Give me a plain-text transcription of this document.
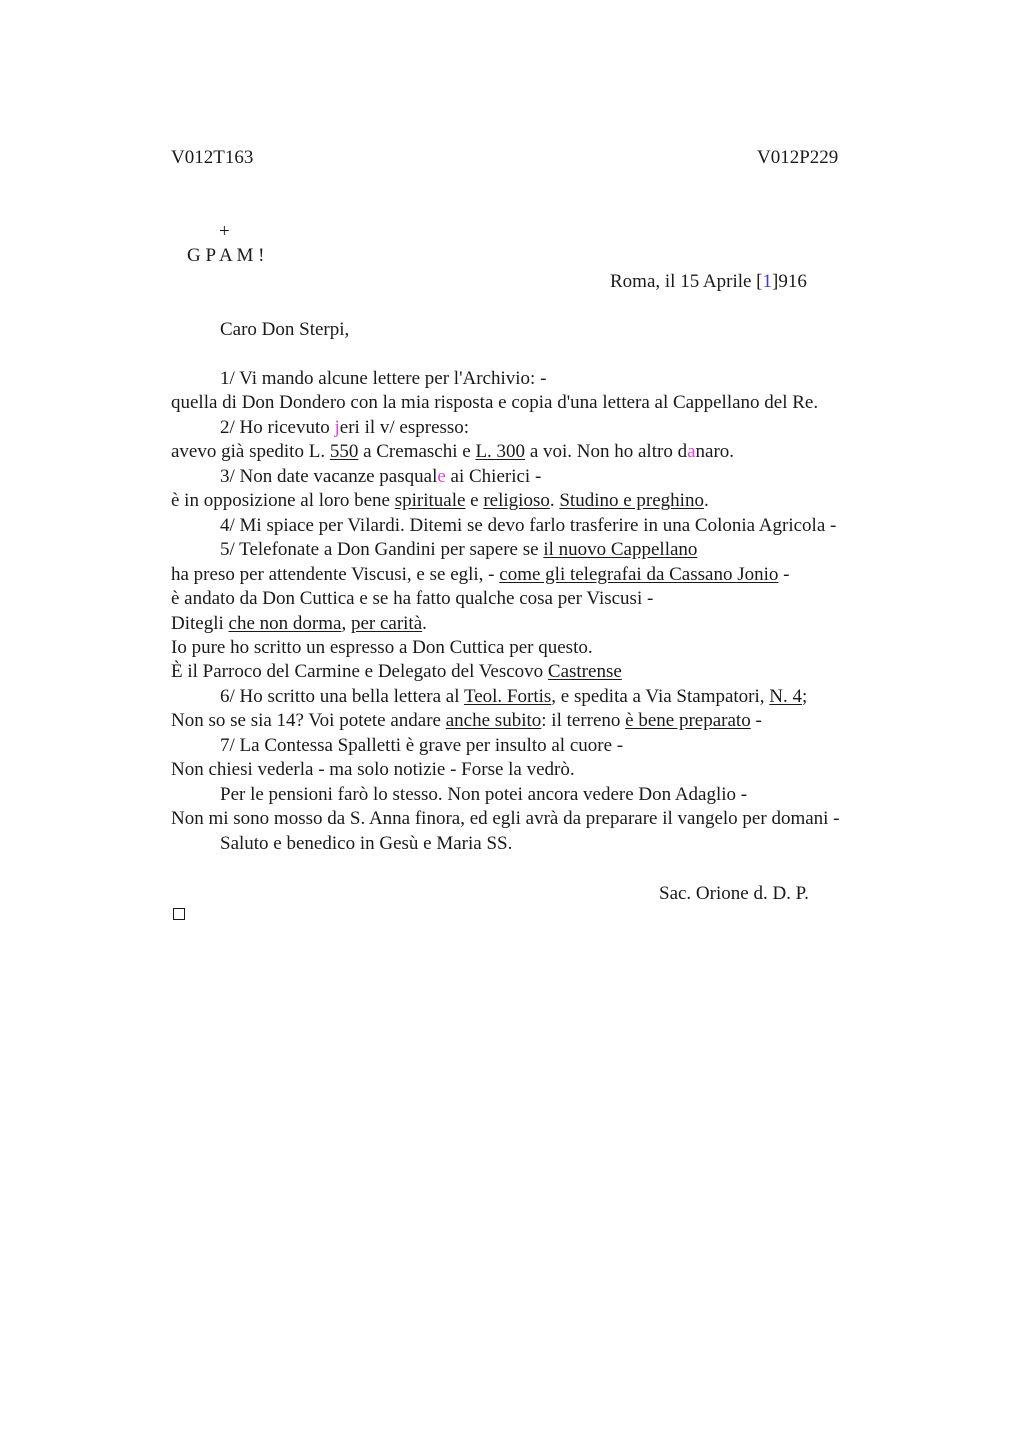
V012T163	V012P229
+
G P A M !
Roma, il 15 Aprile [1]916
Caro Don Sterpi,
1/ Vi mando alcune lettere per l'Archivio: -
quella di Don Dondero con la mia risposta e copia d'una lettera al Cappellano del Re.
2/ Ho ricevuto jeri il v/ espresso:
avevo già spedito L. 550 a Cremaschi e L. 300 a voi. Non ho altro danaro.
3/ Non date vacanze pasquale ai Chierici -
è in opposizione al loro bene spirituale e religioso. Studino e preghino.
4/ Mi spiace per Vilardi. Ditemi se devo farlo trasferire in una Colonia Agricola -
5/ Telefonate a Don Gandini per sapere se il nuovo Cappellano
ha preso per attendente Viscusi, e se egli, - come gli telegrafai da Cassano Jonio -
è andato da Don Cuttica e se ha fatto qualche cosa per Viscusi -
Ditegli che non dorma, per carità.
Io pure ho scritto un espresso a Don Cuttica per questo.
È il Parroco del Carmine e Delegato del Vescovo Castrense
6/ Ho scritto una bella lettera al Teol. Fortis, e spedita a Via Stampatori, N. 4;
Non so se sia 14? Voi potete andare anche subito: il terreno è bene preparato -
7/ La Contessa Spalletti è grave per insulto al cuore -
Non chiesi vederla - ma solo notizie - Forse la vedrò.
Per le pensioni farò lo stesso. Non potei ancora vedere Don Adaglio -
Non mi sono mosso da S. Anna finora, ed egli avrà da preparare il vangelo per domani -
Saluto e benedico in Gesù e Maria SS.
Sac. Orione d. D. P.
